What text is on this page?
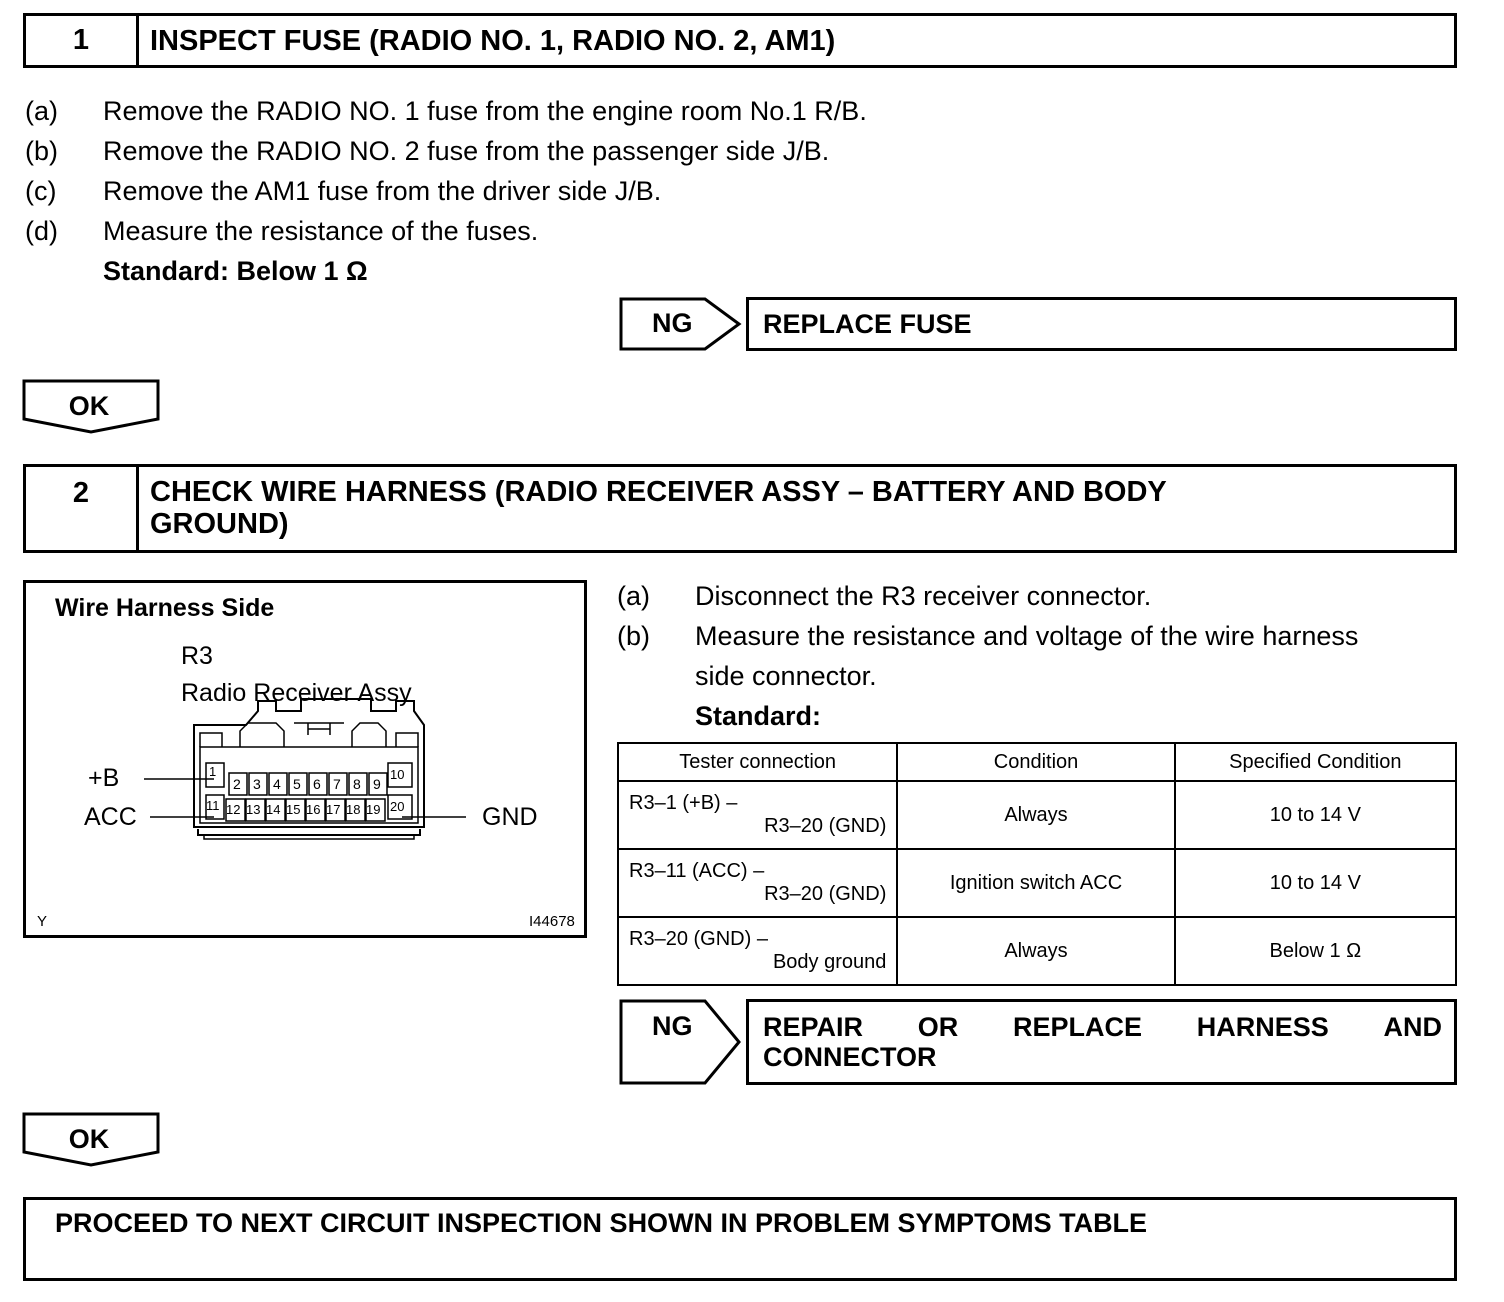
1	INSPECT FUSE (RADIO NO. 1, RADIO NO. 2, AM1)
(a) Remove the RADIO NO. 1 fuse from the engine room No.1 R/B.
(b) Remove the RADIO NO. 2 fuse from the passenger side J/B.
(c) Remove the AM1 fuse from the driver side J/B.
(d) Measure the resistance of the fuses.
Standard: Below 1 Ω
NG	REPLACE FUSE
OK
2	CHECK WIRE HARNESS (RADIO RECEIVER ASSY – BATTERY AND BODY
GROUND)
Wire Harness Side
R3
Radio Receiver Assy
1
2 3 4 5 6 7 8 9
10
11 12 13 14 15 16 17 18 19 20
+B
ACC	GND
Y	I44678
(a) Disconnect the R3 receiver connector.
(b) Measure the resistance and voltage of the wire harness
side connector.
Standard:
Tester connection	Condition	Specified Condition

R3–1 (+B) –
R3–20 (GND)	Always	10 to 14 V

R3–11 (ACC) –
R3–20 (GND)	Ignition switch ACC	10 to 14 V

R3–20 (GND) –
Body ground	Always	Below 1 Ω
NG	REPAIR OR REPLACE HARNESS AND
CONNECTOR
OK
PROCEED TO NEXT CIRCUIT INSPECTION SHOWN IN PROBLEM SYMPTOMS TABLE
